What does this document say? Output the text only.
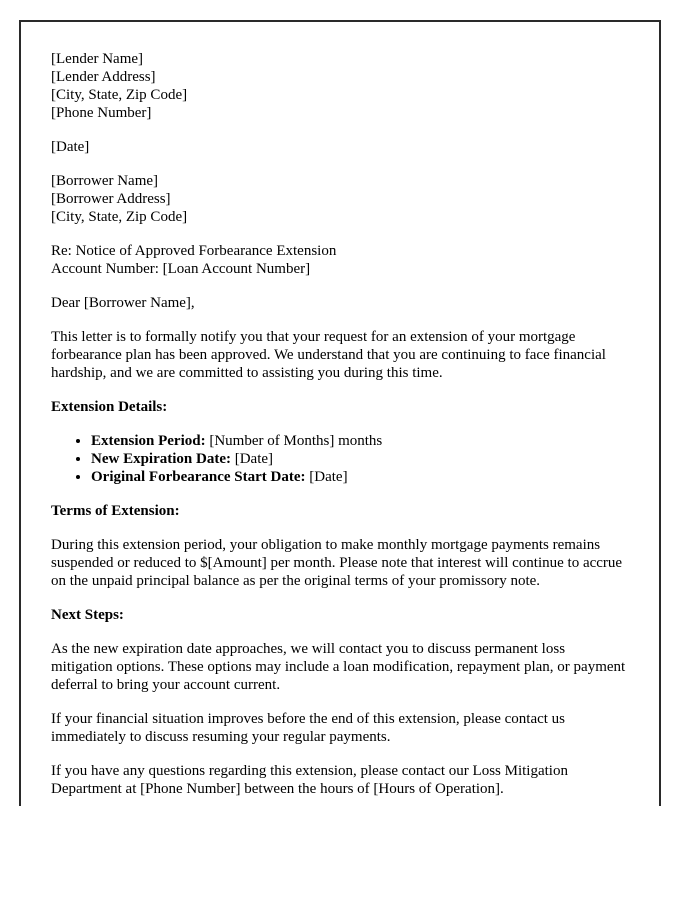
[Lender Name]
[Lender Address]
[City, State, Zip Code]
[Phone Number]

[Date]

[Borrower Name]
[Borrower Address]
[City, State, Zip Code]

Re: Notice of Approved Forbearance Extension
Account Number: [Loan Account Number]

Dear [Borrower Name],

This letter is to formally notify you that your request for an extension of your mortgage forbearance plan has been approved. We understand that you are continuing to face financial hardship, and we are committed to assisting you during this time.

Extension Details:

• Extension Period: [Number of Months] months
• New Expiration Date: [Date]
• Original Forbearance Start Date: [Date]

Terms of Extension:

During this extension period, your obligation to make monthly mortgage payments remains suspended or reduced to $[Amount] per month. Please note that interest will continue to accrue on the unpaid principal balance as per the original terms of your promissory note.

Next Steps:

As the new expiration date approaches, we will contact you to discuss permanent loss mitigation options. These options may include a loan modification, repayment plan, or payment deferral to bring your account current.

If your financial situation improves before the end of this extension, please contact us immediately to discuss resuming your regular payments.

If you have any questions regarding this extension, please contact our Loss Mitigation Department at [Phone Number] between the hours of [Hours of Operation].
